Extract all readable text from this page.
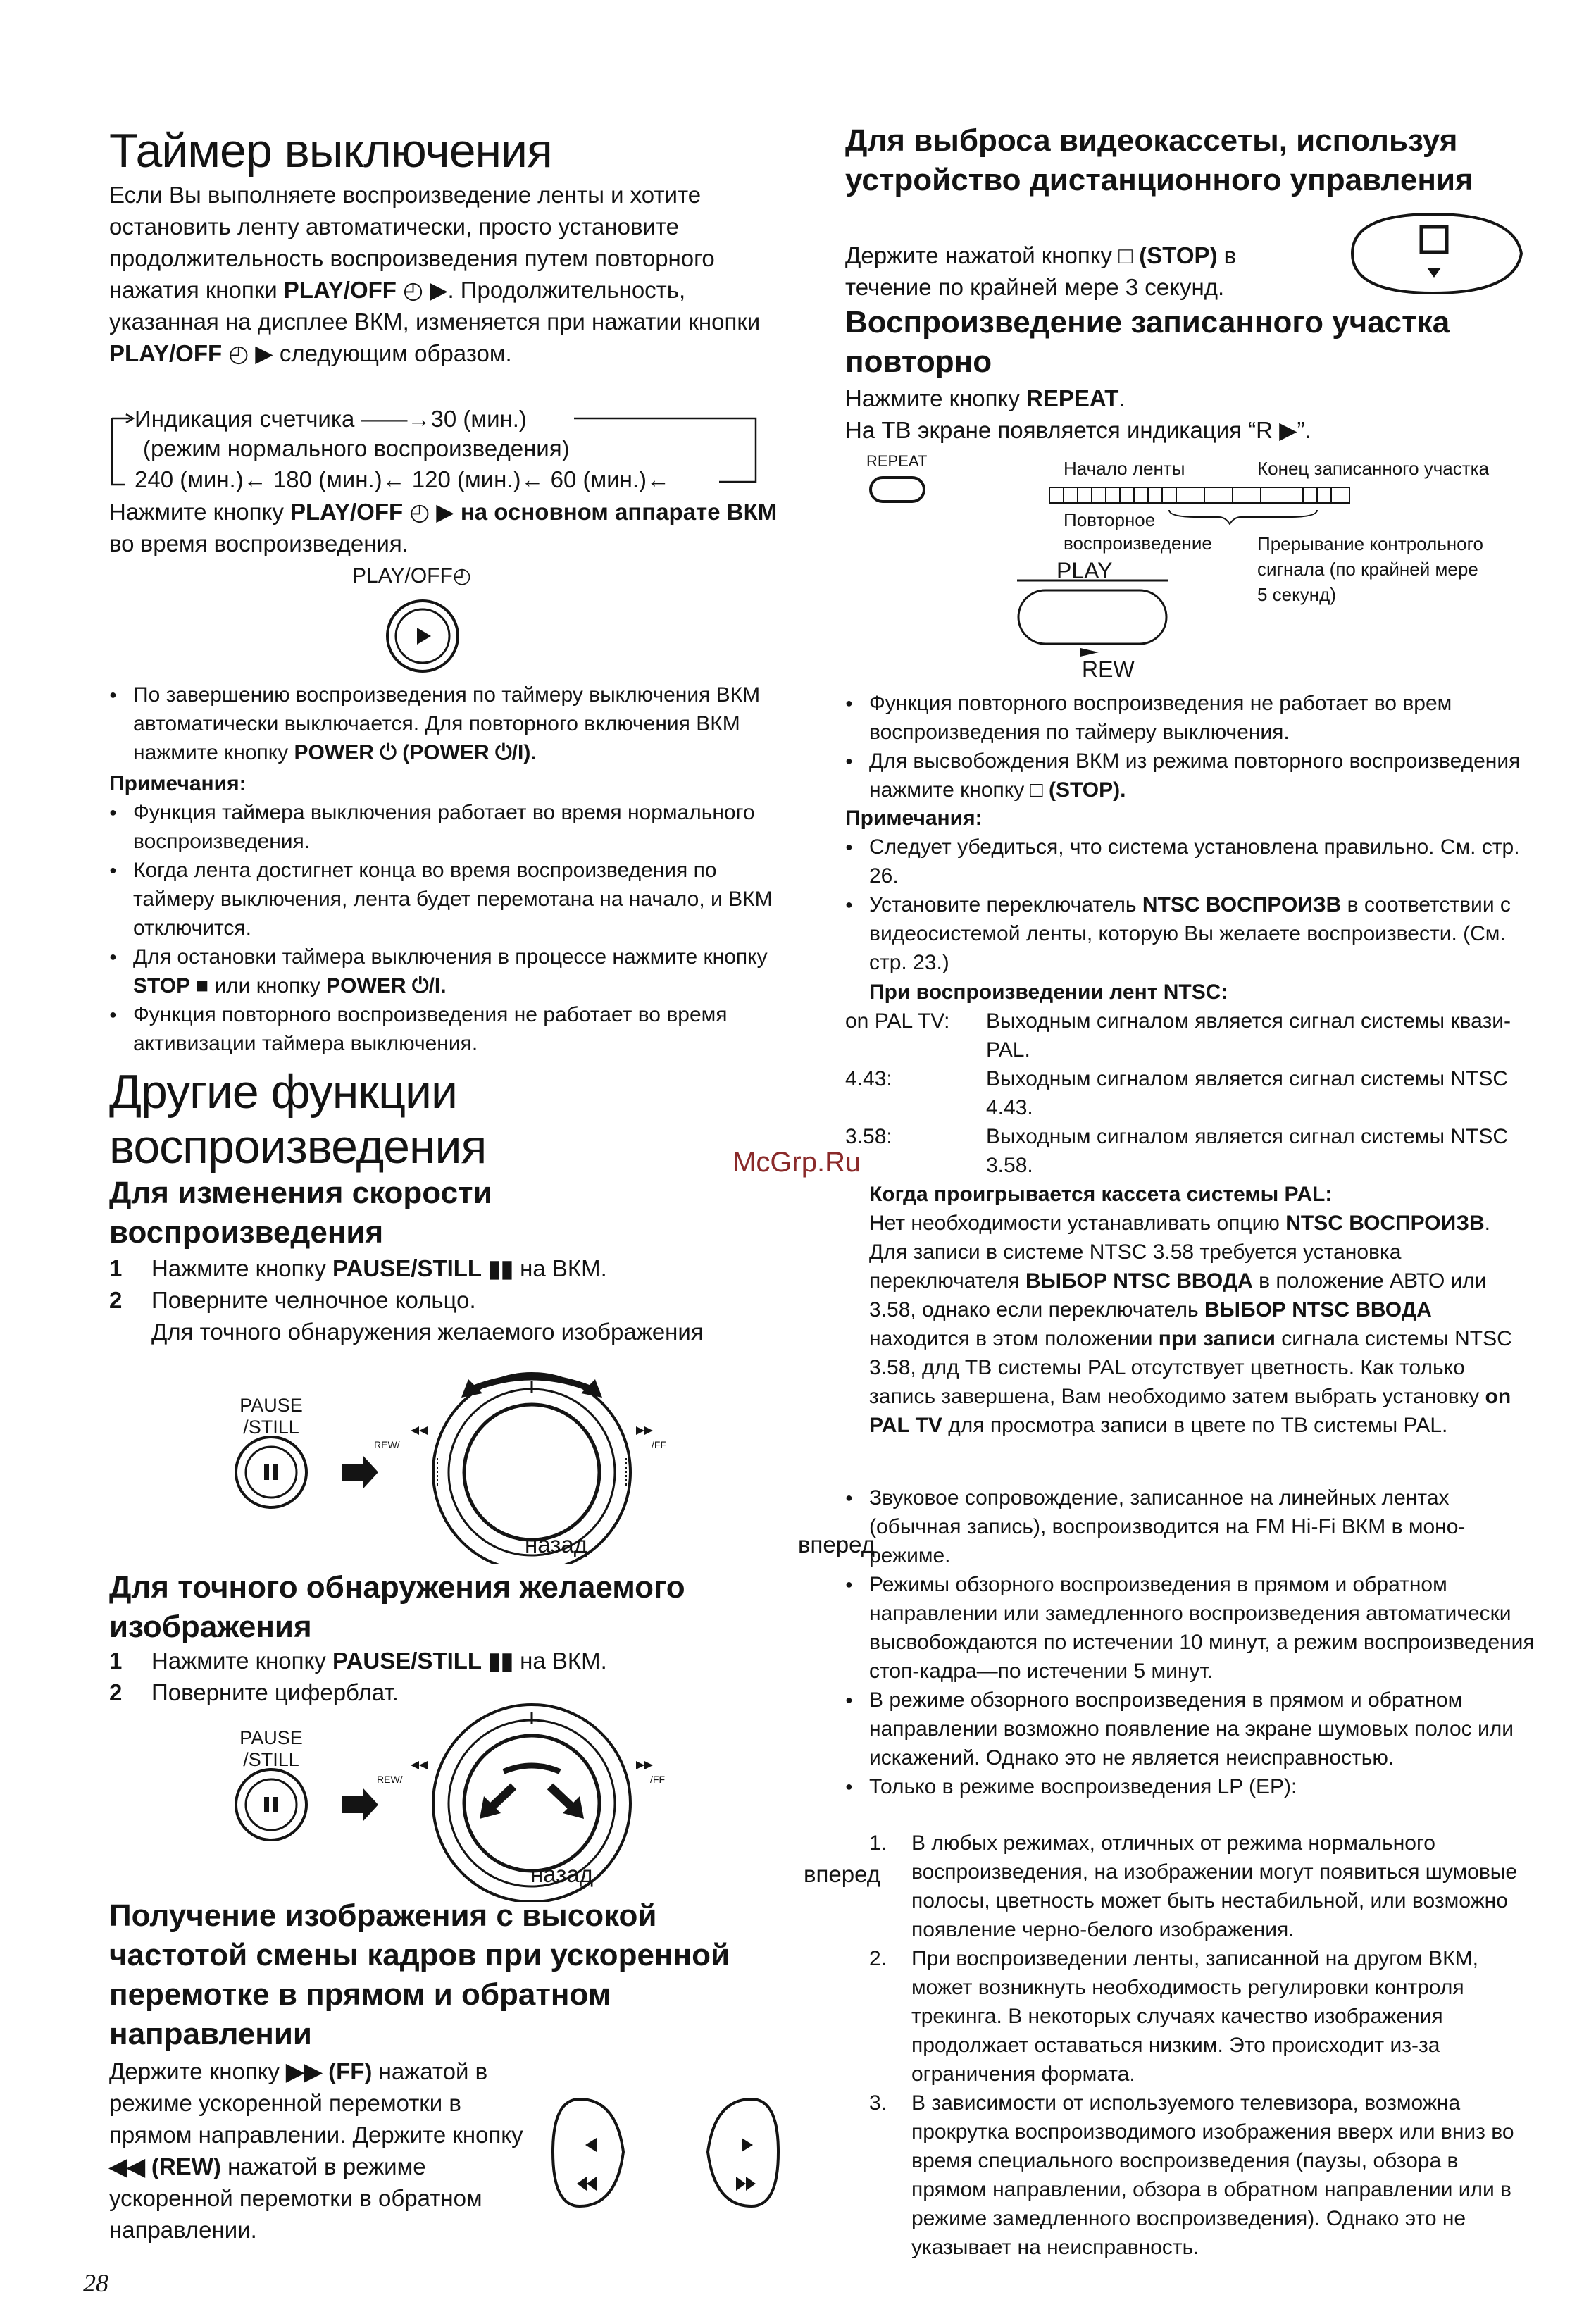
Таймер выключения
Если Вы выполняете воспроизведение ленты и хотите остановить ленту автоматически, просто установите продолжительность воспроизведения путем повторного нажатия кнопки PLAY/OFF ◴ ▶. Продолжительность, указанная на дисплее ВКМ, изменяется при нажатии кнопки PLAY/OFF ◴ ▶ следующим образом.
Индикация счетчика ——→30 (мин.)
(режим нормального воспроизведения)
240 (мин.)← 180 (мин.)← 120 (мин.)← 60 (мин.)←
Нажмите кнопку PLAY/OFF ◴ ▶ на основном аппарате ВКМ во время воспроизведения.
PLAY/OFF◴
● По завершению воспроизведения по таймеру выключения ВКМ автоматически выключается. Для повторного включения ВКМ нажмите кнопку POWER ⏻ (POWER ⏻/I).
Примечания:
● Функция таймера выключения работает во время нормального воспроизведения.
● Когда лента достигнет конца во время воспроизведения по таймеру выключения, лента будет перемотана на начало, и ВКМ отключится.
● Для остановки таймера выключения в процессе нажмите кнопку STOP ■ или кнопку POWER ⏻/I.
● Функция повторного воспроизведения не работает во время активизации таймера выключения.
Другие функции
воспроизведения
Для изменения скорости воспроизведения
1 Нажмите кнопку PAUSE/STILL ▮▮ на ВКМ.
2 Поверните челночное кольцо.
Для точного обнаружения желаемого изображения
PAUSE
/STILL
REW/	/FF
назад	вперед
Для точного обнаружения желаемого изображения
1 Нажмите кнопку PAUSE/STILL ▮▮ на ВКМ.
2 Поверните циферблат.
PAUSE
/STILL
REW/	/FF
назад	вперед
Получение изображения с высокой частотой смены кадров при ускоренной перемотке в прямом и обратном направлении
Держите кнопку ▶▶ (FF) нажатой в режиме ускоренной перемотки в прямом направлении. Держите кнопку ◀◀ (REW) нажатой в режиме ускоренной перемотки в обратном направлении.
Для выброса видеокассеты, используя устройство дистанционного управления
Держите нажатой кнопку □ (STOP) в течение по крайней мере 3 секунд.
Воспроизведение записанного участка повторно
Нажмите кнопку REPEAT.
На ТВ экране появляется индикация “R ▶”.
REPEAT	Начало ленты	Конец записанного участка
Повторное
воспроизведение Прерывание контрольного
сигнала (по крайней мере
5 секунд)
PLAY
REW
● Функция повторного воспроизведения не работает во врем воспроизведения по таймеру выключения.
● Для высвобождения ВКМ из режима повторного воспроизведения нажмите кнопку □ (STOP).
Примечания:
● Следует убедиться, что система установлена правильно. См. стр. 26.
● Установите переключатель NTSC ВОСПРОИЗВ в соответствии с видеосистемой ленты, которую Вы желаете воспроизвести. (См. стр. 23.)
При воспроизведении лент NTSC:
on PAL TV:	Выходным сигналом является сигнал системы квази-PAL.
4.43:	Выходным сигналом является сигнал системы NTSC 4.43.
3.58:	Выходным сигналом является сигнал системы NTSC 3.58.
Когда проигрывается кассета системы PAL:
Нет необходимости устанавливать опцию NTSC ВОСПРОИЗВ.
Для записи в системе NTSC 3.58 требуется установка переключателя ВЫБОР NTSC ВВОДА в положение АВТО или 3.58, однако если переключатель ВЫБОР NTSC ВВОДА находится в этом положении при записи сигнала системы NTSC 3.58, длд ТВ системы PAL отсутствует цветность. Как только запись завершена, Вам необходимо затем выбрать установку on PAL TV для просмотра записи в цвете по ТВ системы PAL.
● Звуковое сопровождение, записанное на линейных лентах (обычная запись), воспроизводится на FM Hi-Fi ВКМ в моно-режиме.
● Режимы обзорного воспроизведения в прямом и обратном направлении или замедленного воспроизведения автоматически высвобождаются по истечении 10 минут, а режим воспроизведения стоп-кадра—по истечении 5 минут.
● В режиме обзорного воспроизведения в прямом и обратном направлении возможно появление на экране шумовых полос или искажений. Однако это не является неисправностью.
● Только в режиме воспроизведения LP (EP):
1. В любых режимах, отличных от режима нормального воспроизведения, на изображении могут появиться шумовые полосы, цветность может быть нестабильной, или возможно появление черно-белого изображения.
2. При воспроизведении ленты, записанной на другом ВКМ, может возникнуть необходимость регулировки контроля трекинга. В некоторых случаях качество изображения продолжает оставаться низким. Это происходит из-за ограничения формата.
3. В зависимости от используемого телевизора, возможна прокрутка воспроизводимого изображения вверх или вниз во время специального воспроизведения (паузы, обзора в прямом направлении, обзора в обратном направлении или в режиме замедленного воспроизведения). Однако это не указывает на неисправность.
McGrp.Ru
28
